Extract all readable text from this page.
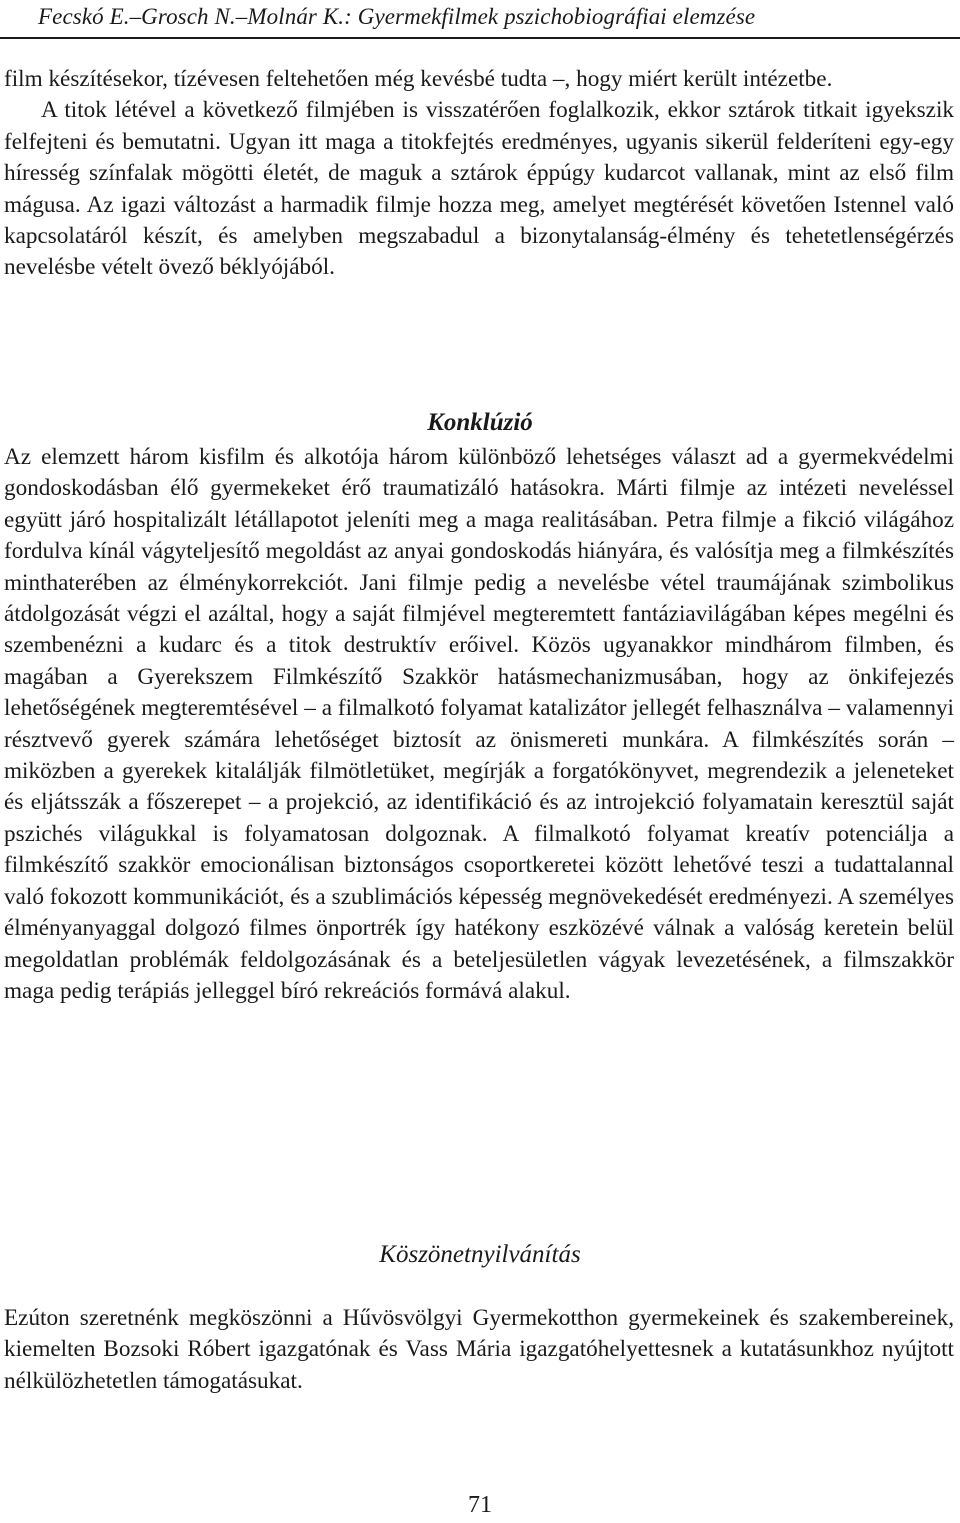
Fecskó E.–Grosch N.–Molnár K.: Gyermekfilmek pszichobiográfiai elemzése

film készítésekor, tízévesen feltehetően még kevésbé tudta –, hogy miért került intézetbe.
A titok létével a következő filmjében is visszatérően foglalkozik, ekkor sztárok titkait igyekszik felfejteni és bemutatni. Ugyan itt maga a titokfejtés eredményes, ugyanis sikerül felderíteni egy-egy híresség színfalak mögötti életét, de maguk a sztárok éppúgy kudarcot vallanak, mint az első film mágusa. Az igazi változást a harmadik filmje hozza meg, amelyet megtérését követően Istennel való kapcsolatáról készít, és amelyben megszabadul a bizonytalanság-élmény és tehetetlenségérzés nevelésbe vételt övező béklyójából.

Konklúzió

Az elemzett három kisfilm és alkotója három különböző lehetséges választ ad a gyermekvédelmi gondoskodásban élő gyermekeket érő traumatizáló hatásokra. Márti filmje az intézeti neveléssel együtt járó hospitalizált létállapotot jeleníti meg a maga realitásában. Petra filmje a fikció világához fordulva kínál vágyteljesítő megoldást az anyai gondoskodás hiányára, és valósítja meg a filmkészítés minthaterében az élménykorrekciót. Jani filmje pedig a nevelésbe vétel traumájának szimbolikus átdolgozását végzi el azáltal, hogy a saját filmjével megteremtett fantáziavilágában képes megélni és szembenézni a kudarc és a titok destruktív erőivel. Közös ugyanakkor mindhárom filmben, és magában a Gyerekszem Filmkészítő Szakkör hatásmechanizmusában, hogy az önkifejezés lehetőségének megteremtésével – a filmalkotó folyamat katalizátor jellegét felhasználva – valamennyi résztvevő gyerek számára lehetőséget biztosít az önismereti munkára. A filmkészítés során – miközben a gyerekek kitalálják filmötletüket, megírják a forgatókönyvet, megrendezik a jeleneteket és eljátsszák a főszerepet – a projekció, az identifikáció és az introjekció folyamatain keresztül saját pszichés világukkal is folyamatosan dolgoznak. A filmalkotó folyamat kreatív potenciálja a filmkészítő szakkör emocionálisan biztonságos csoportkeretei között lehetővé teszi a tudattalannal való fokozott kommunikációt, és a szublimációs képesség megnövekedését eredményezi. A személyes élményanyaggal dolgozó filmes önportrék így hatékony eszközévé válnak a valóság keretein belül megoldatlan problémák feldolgozásának és a beteljesületlen vágyak levezetésének, a filmszakkör maga pedig terápiás jelleggel bíró rekreációs formává alakul.

Köszönetnyilvánítás

Ezúton szeretnénk megköszönni a Hűvösvölgyi Gyermekotthon gyermekeinek és szakembereinek, kiemelten Bozsoki Róbert igazgatónak és Vass Mária igazgatóhelyettesnek a kutatásunkhoz nyújtott nélkülözhetetlen támogatásukat.

71
